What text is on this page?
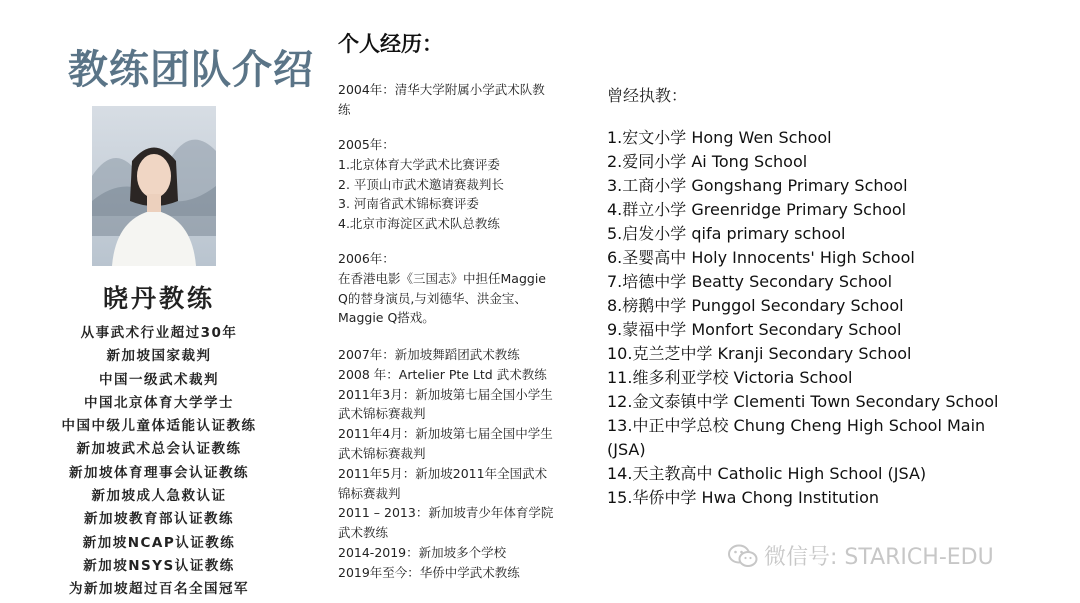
教练团队介绍
晓丹教练
从事武术行业超过30年
新加坡国家裁判
中国一级武术裁判
中国北京体育大学学士
中国中级儿童体适能认证教练
新加坡武术总会认证教练
新加坡体育理事会认证教练
新加坡成人急救认证
新加坡教育部认证教练
新加坡NCAP认证教练
新加坡NSYS认证教练
为新加坡超过百名全国冠军
个人经历：
2004年：清华大学附属小学武术队教
练
2005年：
1.北京体育大学武术比赛评委
2. 平顶山市武术邀请赛裁判长
3. 河南省武术锦标赛评委
4.北京市海淀区武术队总教练
2006年：
在香港电影《三国志》中担任Maggie
Q的替身演员,与刘德华、洪金宝、
Maggie Q搭戏。
2007年：新加坡舞蹈团武术教练
2008 年：Artelier Pte Ltd 武术教练
2011年3月：新加坡第七届全国小学生
武术锦标赛裁判
2011年4月：新加坡第七届全国中学生
武术锦标赛裁判
2011年5月：新加坡2011年全国武术
锦标赛裁判
2011 – 2013：新加坡青少年体育学院
武术教练
2014-2019：新加坡多个学校
2019年至今：华侨中学武术教练
曾经执教：
1.宏文小学 Hong Wen School
2.爱同小学 Ai Tong School
3.工商小学 Gongshang Primary School
4.群立小学 Greenridge Primary School
5.启发小学 qifa primary school
6.圣婴高中 Holy Innocents' High School
7.培德中学 Beatty Secondary School
8.榜鹅中学 Punggol Secondary School
9.蒙福中学 Monfort Secondary School
10.克兰芝中学 Kranji Secondary School
11.维多利亚学校 Victoria School
12.金文泰镇中学 Clementi Town Secondary School
13.中正中学总校 Chung Cheng High School Main (JSA)
14.天主教高中 Catholic High School (JSA)
15.华侨中学 Hwa Chong Institution
微信号: STARICH-EDU
